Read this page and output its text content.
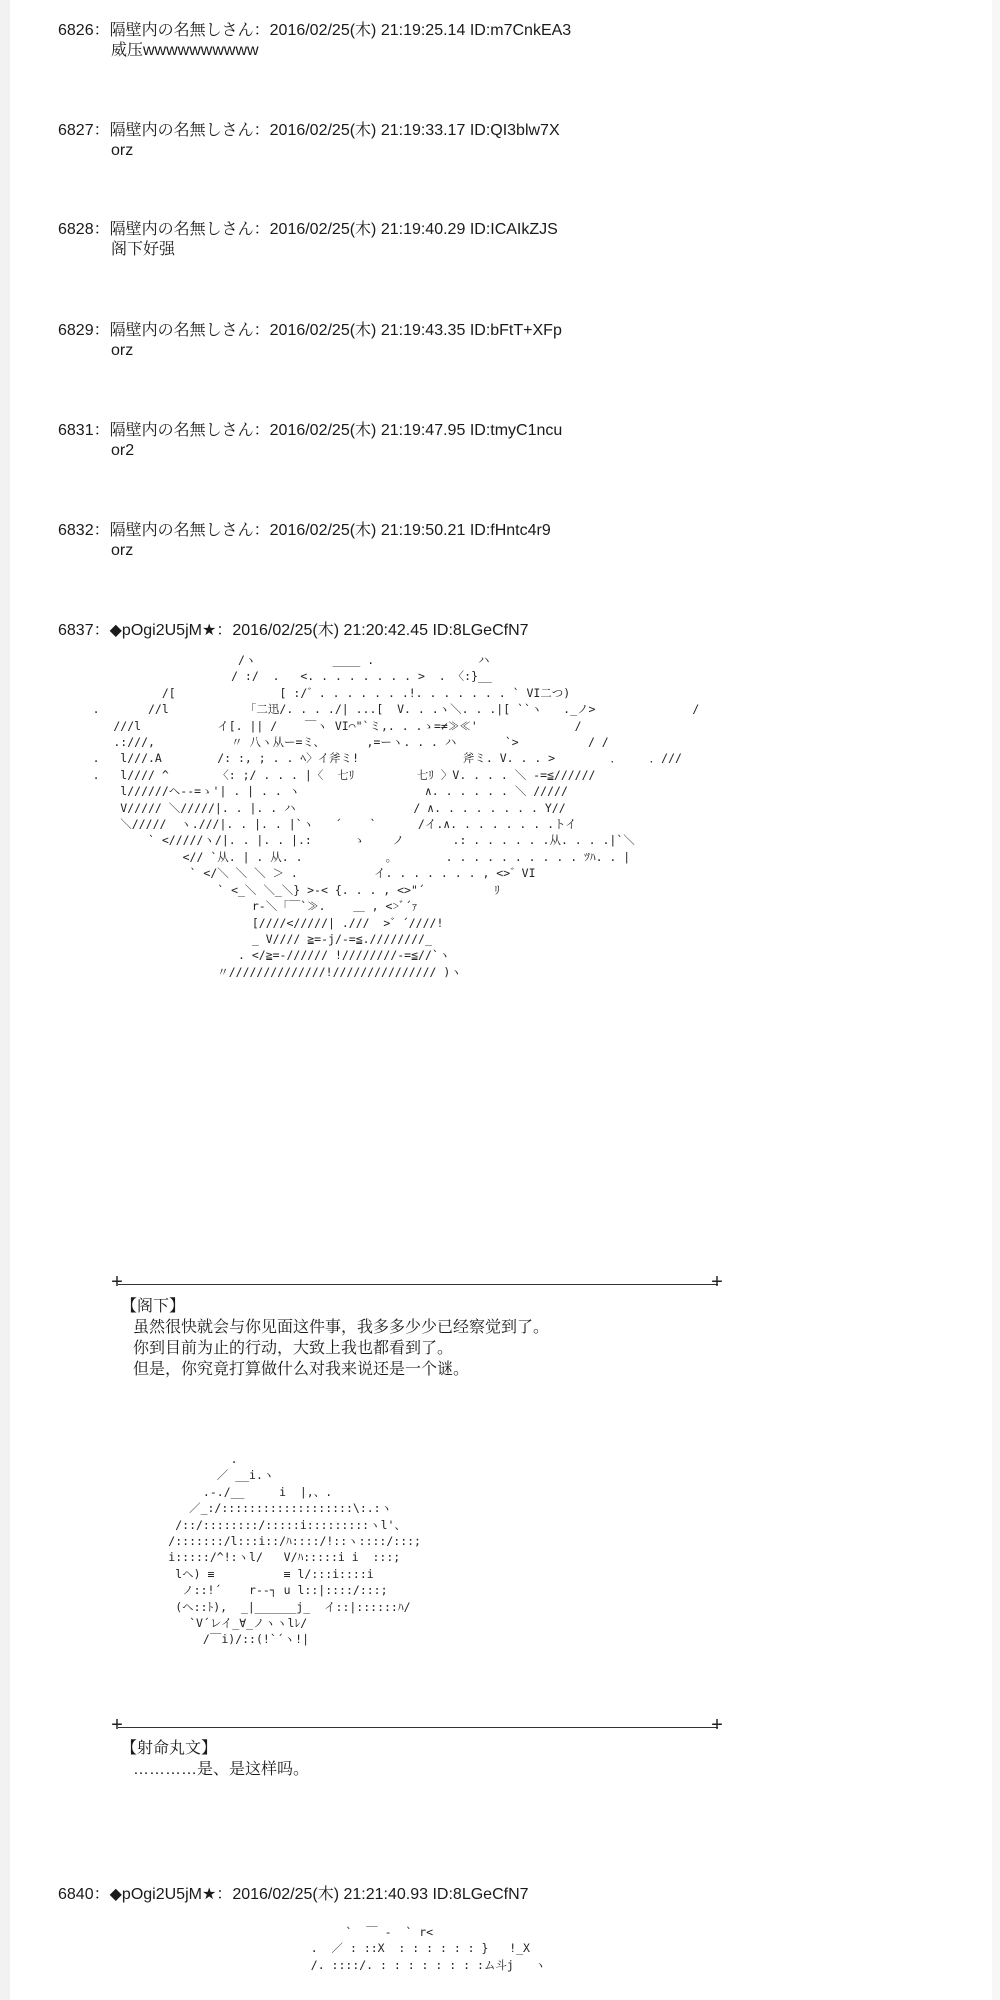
6826：隔壁内の名無しさん：2016/02/25(木) 21:19:25.14 ID:m7CnkEA3
威压wwwwwwwwww
6827：隔壁内の名無しさん：2016/02/25(木) 21:19:33.17 ID:QI3blw7X
orz
6828：隔壁内の名無しさん：2016/02/25(木) 21:19:40.29 ID:ICAIkZJS
阁下好强
6829：隔壁内の名無しさん：2016/02/25(木) 21:19:43.35 ID:bFtT+XFp
orz
6831：隔壁内の名無しさん：2016/02/25(木) 21:19:47.95 ID:tmyC1ncu
or2
6832：隔壁内の名無しさん：2016/02/25(木) 21:19:50.21 ID:fHntc4r9
orz
6837：◆pOgi2U5jM★：2016/02/25(木) 21:20:42.45 ID:8LGeCfN7
/ヽ           ____ .               ハ
/ :/  .   <. . . . . . . . >  . 〈:}__
/[               [ :/゛. . . . . . .!. . . . . . . ` VI二つ)
.       //l           「二迅/. . . ./| ...[  V. . .ヽ＼. . .|[ ``ヽ   ._ノ>              /
///l           イ[. || /    ￣ヽ VI⌒"`ミ,. . .ゝ=≠≫≪'              /
.:///,           〃 八ヽ从ー=ミ、      ,=ーヽ. . . ハ       `>          / /
.   l///.A        /: :, ; . . ﾍ〉イ斧ミ!               斧ミ. V. . . >        ．    ．///
.   l//// ^       〈: ;/ . . . |〈  七ﾘ         七ﾘ 〉V. . . . ＼ -=≦//////
l//////ヘ--=ゝ'| . | . . ヽ                  ∧. . . . . . ＼ /////
V///// ＼/////|. . |. . ハ                 / ∧. . . . . . . . Y//
＼/////  ヽ.///|. . |. . |`ヽ   ´    `      /イ.∧. . . . . . . .トイ
` </////ヽ/|. . |. . |.:      ゝ    ノ       .: . . . . . .从. . . .|`＼
<// `从. | . 从. .            。       . . . . . . . . . . ﾂﾊ. . |
` </＼ ＼ ＼ ＞ .           イ. . . . . . . , <>゛VI
` <_＼ ＼_＼} >-< {. . . , <>"´          ﾘ
r-＼「￣`≫.    ＿ , <>ﾞ´ｧ
[////</////| .///  >゛´////!
_ V//// ≧=-j/-=≦.////////_
. </≧=-////// !////////-=≦//`ヽ
〃//////////////!/////////////// )ヽ
+	+
【阁下】
虽然很快就会与你见面这件事，我多多少少已经察觉到了。
你到目前为止的行动，大致上我也都看到了。
但是，你究竟打算做什么对我来说还是一个谜。
.
／ __i.ヽ
.-./__     i  |,、.
／_:/:::::::::::::::::::\:.:ヽ
/::/::::::::/:::::i:::::::::ヽl'、
/:::::::/l:::i::/ﾊ::::/!::ヽ::::/:::;
i:::::/^!:ヽl/   V/ﾊ:::::i i  :::;
lヘ) ≡          ≡ l/:::i::::i
ノ::!´    r‐-┐ u l::|::::/:::;
(ヘ::ﾄ),  _|______j_  イ::|::::::ﾊ/
`V´レイ_∀_ノヽヽlﾚ/
/￣i)/::(!`´ヽ!|
+	+
【射命丸文】
…………是、是这样吗。
6840：◆pOgi2U5jM★：2016/02/25(木) 21:21:40.93 ID:8LGeCfN7
`  ￣ -  ` r<
.  ／ : ::X  : : : : : : }   !_X
/. ::::/. : : : : : : : :ム斗j   ヽ
